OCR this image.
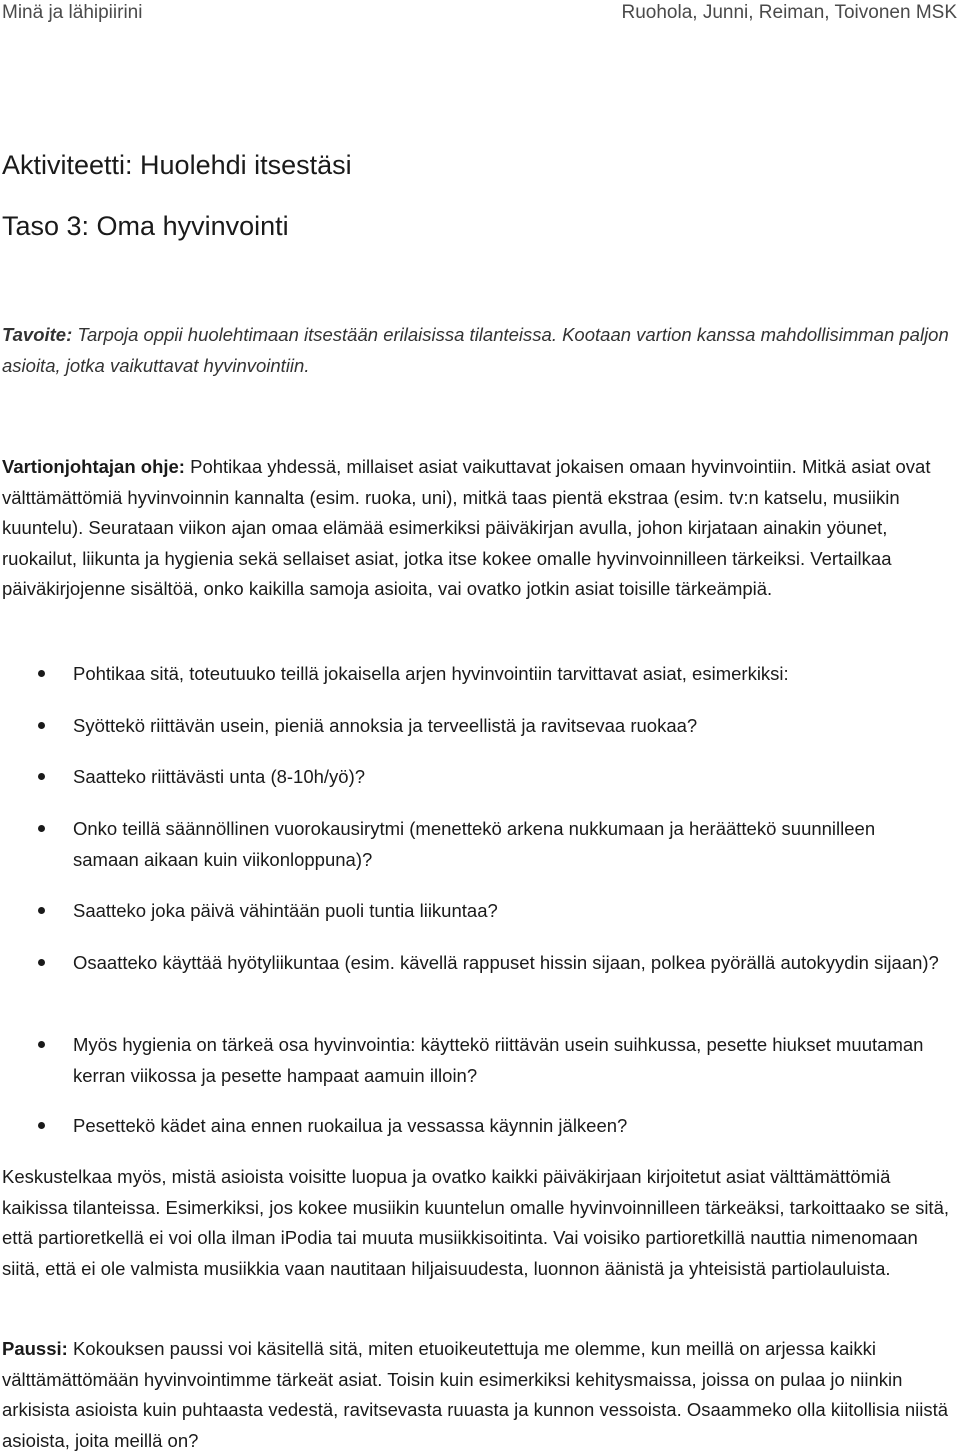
Minä ja lähipiirini	Ruohola, Junni, Reiman, Toivonen MSK
Aktiviteetti: Huolehdi itsestäsi
Taso 3: Oma hyvinvointi

Tavoite: Tarpoja oppii huolehtimaan itsestään erilaisissa tilanteissa. Kootaan vartion kanssa mahdollisimman paljon asioita, jotka vaikuttavat hyvinvointiin.

Vartionjohtajan ohje: Pohtikaa yhdessä, millaiset asiat vaikuttavat jokaisen omaan hyvinvointiin. Mitkä asiat ovat välttämättömiä hyvinvoinnin kannalta (esim. ruoka, uni), mitkä taas pientä ekstraa (esim. tv:n katselu, musiikin kuuntelu). Seurataan viikon ajan omaa elämää esimerkiksi päiväkirjan avulla, johon kirjataan ainakin yöunet, ruokailut, liikunta ja hygienia sekä sellaiset asiat, jotka itse kokee omalle hyvinvoinnilleen tärkeiksi. Vertailkaa päiväkirjojenne sisältöä, onko kaikilla samoja asioita, vai ovatko jotkin asiat toisille tärkeämpiä.

Pohtikaa sitä, toteutuuko teillä jokaisella arjen hyvinvointiin tarvittavat asiat, esimerkiksi:
Syöttekö riittävän usein, pieniä annoksia ja terveellistä ja ravitsevaa ruokaa?
Saatteko riittävästi unta (8-10h/yö)?
Onko teillä säännöllinen vuorokausirytmi (menettekö arkena nukkumaan ja heräättekö suunnilleen samaan aikaan kuin viikonloppuna)?
Saatteko joka päivä vähintään puoli tuntia liikuntaa?
Osaatteko käyttää hyötyliikuntaa (esim. kävellä rappuset hissin sijaan, polkea pyörällä autokyydin sijaan)?
Myös hygienia on tärkeä osa hyvinvointia: käyttekö riittävän usein suihkussa, pesette hiukset muutaman kerran viikossa ja pesette hampaat aamuin illoin?
Pesettekö kädet aina ennen ruokailua ja vessassa käynnin jälkeen?

Keskustelkaa myös, mistä asioista voisitte luopua ja ovatko kaikki päiväkirjaan kirjoitetut asiat välttämättömiä kaikissa tilanteissa. Esimerkiksi, jos kokee musiikin kuuntelun omalle hyvinvoinnilleen tärkeäksi, tarkoittaako se sitä, että partioretkellä ei voi olla ilman iPodia tai muuta musiikkisoitinta. Vai voisiko partioretkillä nauttia nimenomaan siitä, että ei ole valmista musiikkia vaan nautitaan hiljaisuudesta, luonnon äänistä ja yhteisistä partiolauluista.

Paussi: Kokouksen paussi voi käsitellä sitä, miten etuoikeutettuja me olemme, kun meillä on arjessa kaikki välttämättömään hyvinvointimme tärkeät asiat. Toisin kuin esimerkiksi kehitysmaissa, joissa on pulaa jo niinkin arkisista asioista kuin puhtaasta vedestä, ravitsevasta ruuasta ja kunnon vessoista. Osaammeko olla kiitollisia niistä asioista, joita meillä on?
